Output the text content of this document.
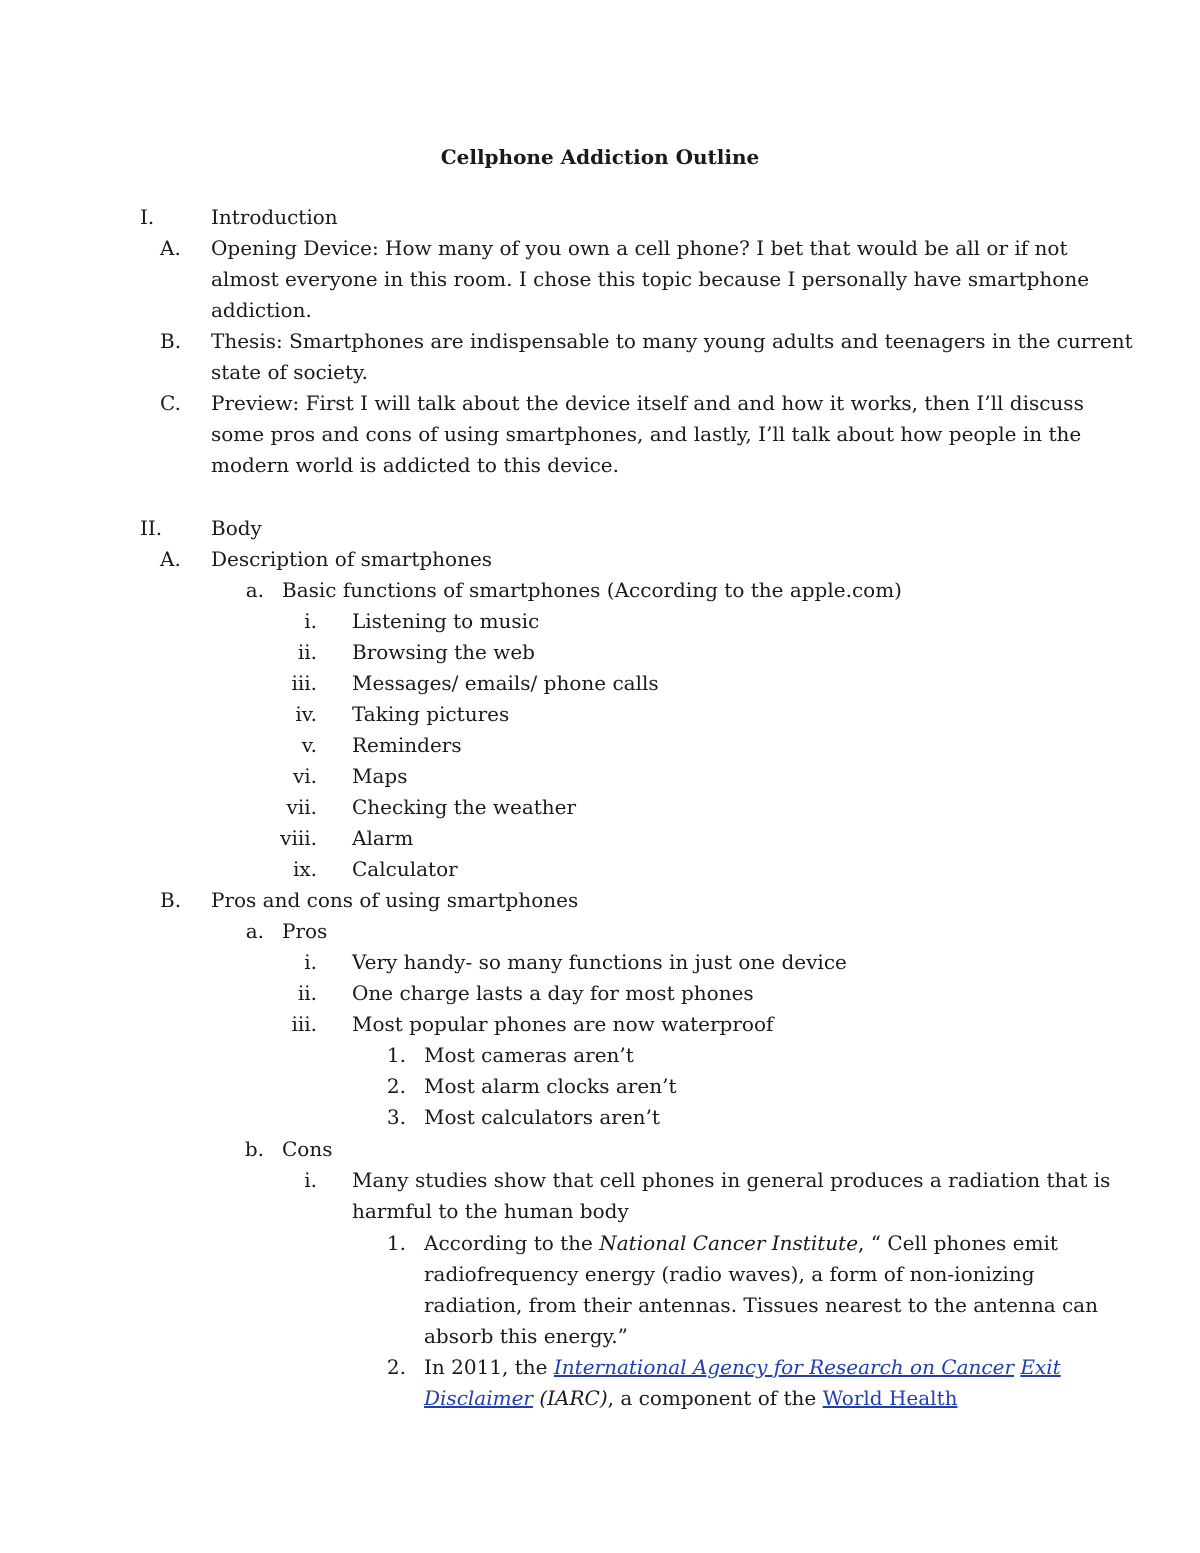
Cellphone Addiction Outline
I.	Introduction
A.	Opening Device: How many of you own a cell phone? I bet that would be all or if not
almost everyone in this room. I chose this topic because I personally have smartphone
addiction.
B.	Thesis: Smartphones are indispensable to many young adults and teenagers in the current
state of society.
C.	Preview: First I will talk about the device itself and and how it works, then I’ll discuss
some pros and cons of using smartphones, and lastly, I’ll talk about how people in the
modern world is addicted to this device.
II.	Body
A.	Description of smartphones
a. Basic functions of smartphones (According to the apple.com)
i. Listening to music
ii. Browsing the web
iii. Messages/ emails/ phone calls
iv. Taking pictures
v. Reminders
vi. Maps
vii. Checking the weather
viii. Alarm
ix. Calculator
B.	Pros and cons of using smartphones
a. Pros
i. Very handy- so many functions in just one device
ii. One charge lasts a day for most phones
iii. Most popular phones are now waterproof
1. Most cameras aren’t
2. Most alarm clocks aren’t
3. Most calculators aren’t
b. Cons
i. Many studies show that cell phones in general produces a radiation that is
harmful to the human body
1. According to the National Cancer Institute, “ Cell phones emit
radiofrequency energy (radio waves), a form of non-ionizing
radiation, from their antennas. Tissues nearest to the antenna can
absorb this energy.”
2. In 2011, the International Agency for Research on Cancer Exit
Disclaimer (IARC), a component of the World Health
